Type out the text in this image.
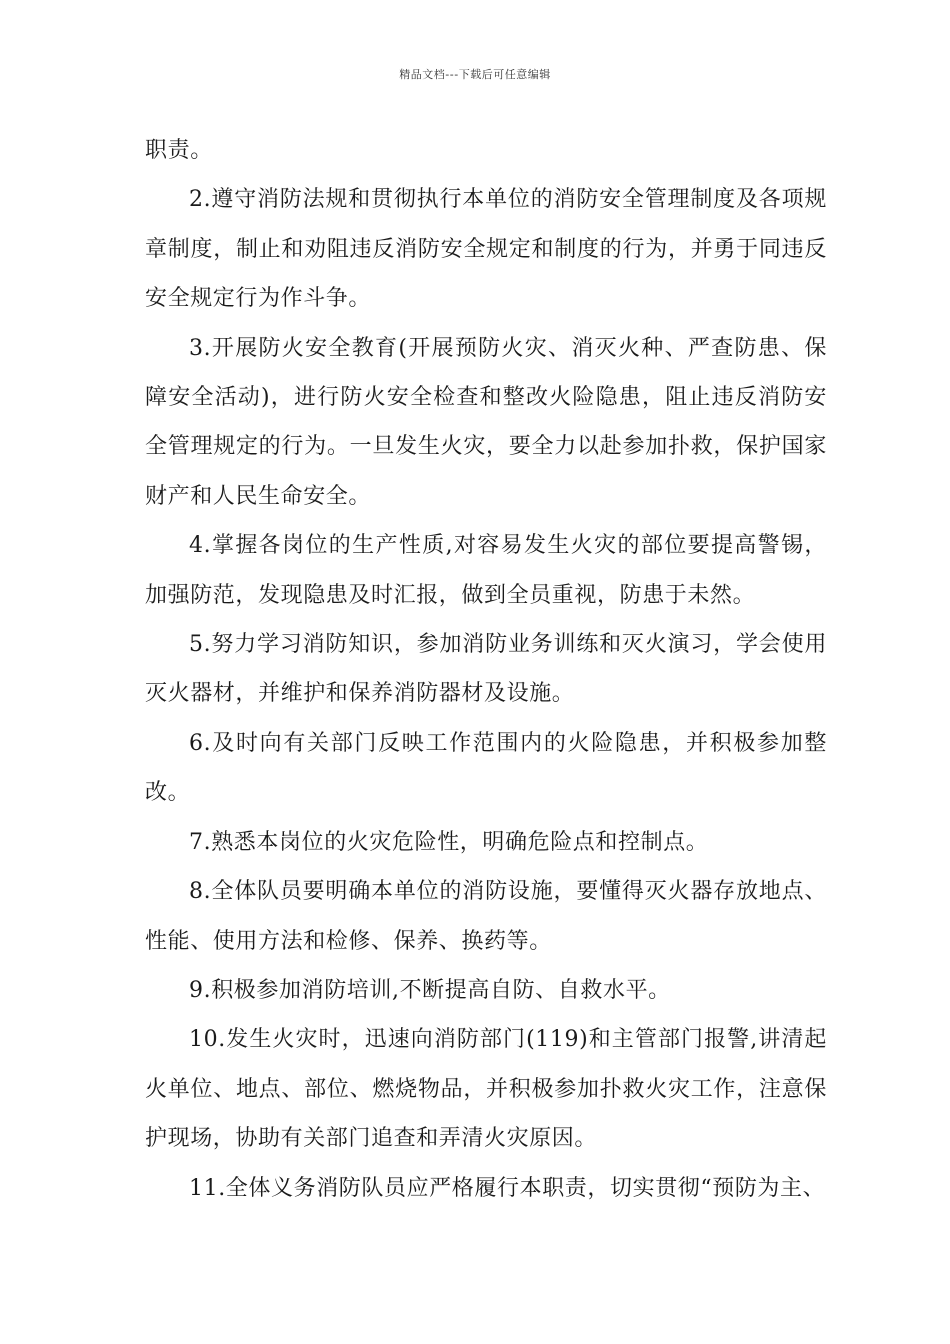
精品文档---下载后可任意编辑

职责。

2.遵守消防法规和贯彻执行本单位的消防安全管理制度及各项规章制度，制止和劝阻违反消防安全规定和制度的行为，并勇于同违反安全规定行为作斗争。

3.开展防火安全教育(开展预防火灾、消灭火种、严查防患、保障安全活动)，进行防火安全检查和整改火险隐患，阻止违反消防安全管理规定的行为。一旦发生火灾，要全力以赴参加扑救，保护国家财产和人民生命安全。

4.掌握各岗位的生产性质,对容易发生火灾的部位要提高警锡，加强防范，发现隐患及时汇报，做到全员重视，防患于未然。

5.努力学习消防知识，参加消防业务训练和灭火演习，学会使用灭火器材，并维护和保养消防器材及设施。

6.及时向有关部门反映工作范围内的火险隐患，并积极参加整改。

7.熟悉本岗位的火灾危险性，明确危险点和控制点。

8.全体队员要明确本单位的消防设施，要懂得灭火器存放地点、性能、使用方法和检修、保养、换药等。

9.积极参加消防培训,不断提高自防、自救水平。

10.发生火灾时，迅速向消防部门(119)和主管部门报警,讲清起火单位、地点、部位、燃烧物品，并积极参加扑救火灾工作，注意保护现场，协助有关部门追查和弄清火灾原因。

11.全体义务消防队员应严格履行本职责，切实贯彻“预防为主、
